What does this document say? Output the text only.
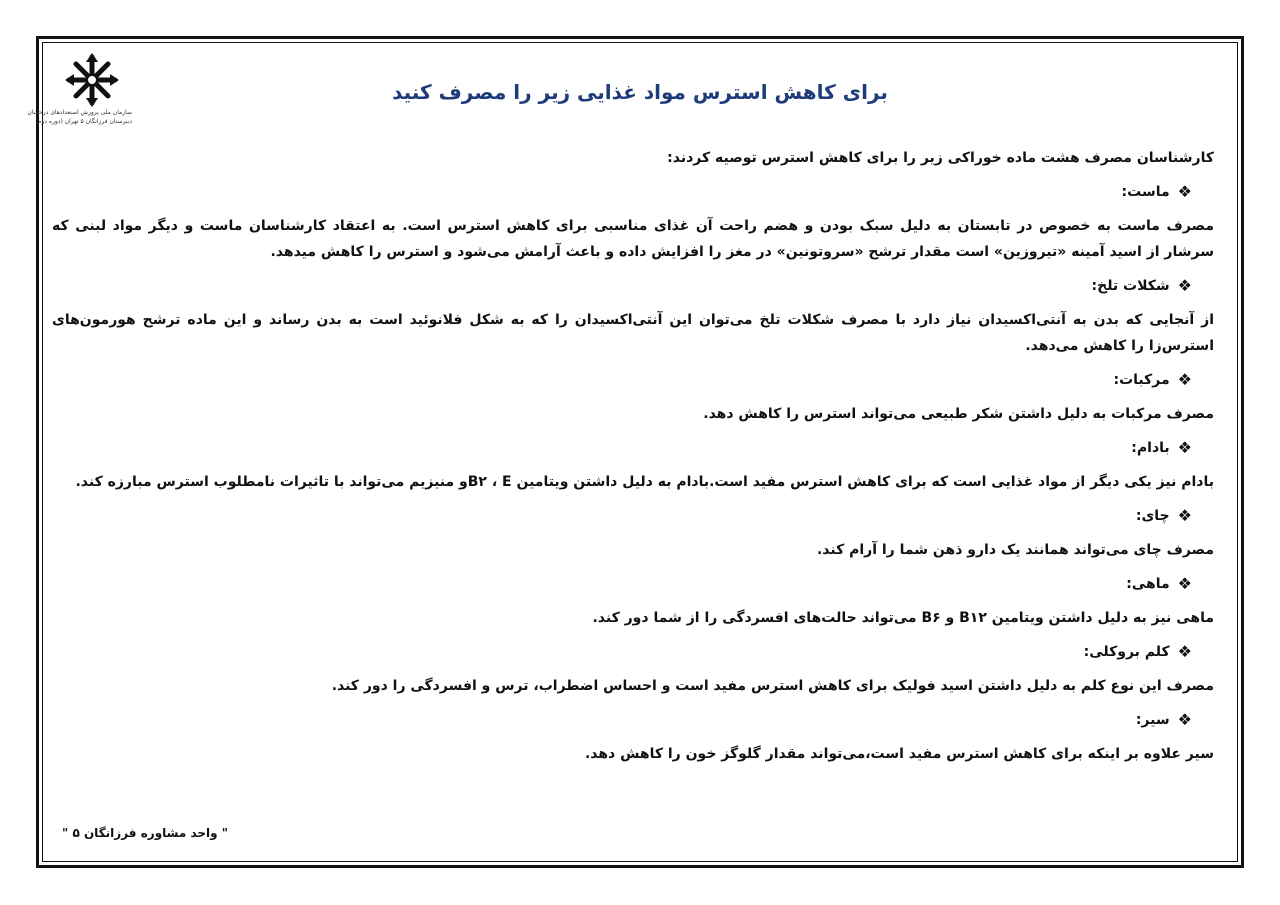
سازمان ملی پرورش استعدادهای درخشان
دبیرستان فرزانگان ۵ تهران (دوره دوم)
برای کاهش استرس مواد غذایی زیر را مصرف کنید

کارشناسان مصرف هشت ماده خوراکی زیر را برای کاهش استرس توصیه کردند:

❖
ماست:

مصرف ماست به خصوص در تابستان به دلیل سبک بودن و هضم راحت آن غذای مناسبی برای کاهش استرس است. به اعتقاد کارشناسان ماست و دیگر مواد لبنی که سرشار از اسید آمینه «تیروزین» است مقدار ترشح «سروتونین» در مغز را افزایش داده و باعث آرامش می‌شود و استرس را کاهش میدهد.

❖
شکلات تلخ:

از آنجایی که بدن به آنتی‌اکسیدان نیاز دارد با مصرف شکلات تلخ می‌توان این آنتی‌اکسیدان را که به شکل فلانوئید است به بدن رساند و این ماده ترشح هورمون‌های استرس‌زا را کاهش می‌دهد.

❖
مرکبات:

مصرف مرکبات به دلیل داشتن شکر طبیعی می‌تواند استرس را کاهش دهد.

❖
بادام:

بادام نیز یکی دیگر از مواد غذایی است که برای کاهش استرس مفید است.بادام به دلیل داشتن ویتامین B۲ ، Eو منیزیم می‌تواند با تاثیرات نامطلوب استرس مبارزه کند.

❖
چای:

مصرف چای می‌تواند همانند یک دارو ذهن شما را آرام کند.

❖
ماهی:

ماهی نیز به دلیل داشتن ویتامین B۱۲ و B۶ می‌تواند حالت‌های افسردگی را از شما دور کند.

❖
کلم بروکلی:

مصرف این نوع کلم به دلیل داشتن اسید فولیک برای کاهش استرس مفید است و احساس اضطراب، ترس و افسردگی را دور کند.

❖
سیر:

سیر علاوه بر اینکه برای کاهش استرس مفید است،می‌تواند مقدار گلوگز خون را کاهش دهد.

" واحد مشاوره فرزانگان ۵ "
